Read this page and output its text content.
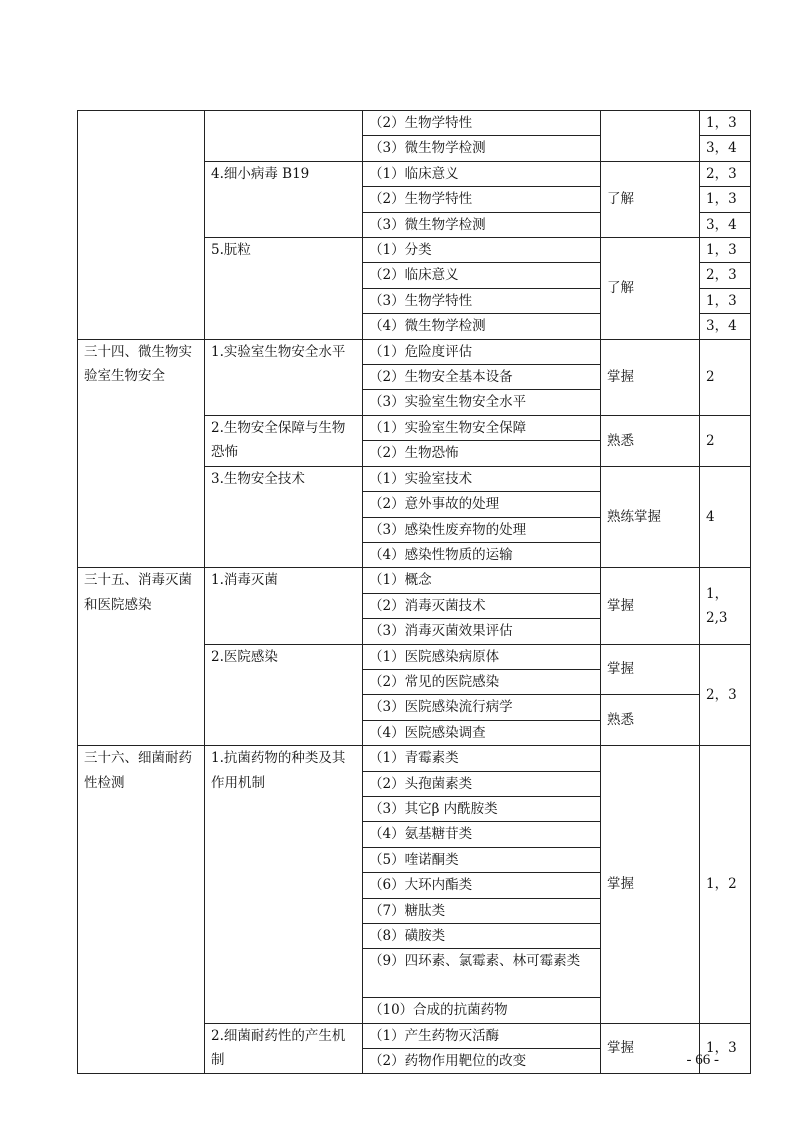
		（2）生物学特性		1，3
		（3）微生物学检测		3，4
	4.细小病毒 B19	（1）临床意义	了解	2，3
		（2）生物学特性		1，3
		（3）微生物学检测		3，4
	5.朊粒	（1）分类	了解	1，3
		（2）临床意义		2，3
		（3）生物学特性		1，3
		（4）微生物学检测		3，4
三十四、微生物实验室生物安全	1.实验室生物安全水平	（1）危险度评估	掌握	2
		（2）生物安全基本设备		
		（3）实验室生物安全水平		
	2.生物安全保障与生物恐怖	（1）实验室生物安全保障	熟悉	2
		（2）生物恐怖		
	3.生物安全技术	（1）实验室技术	熟练掌握	4
		（2）意外事故的处理		
		（3）感染性废弃物的处理		
		（4）感染性物质的运输		
三十五、消毒灭菌和医院感染	1.消毒灭菌	（1）概念	掌握	1，2,3
		（2）消毒灭菌技术		
		（3）消毒灭菌效果评估		
	2.医院感染	（1）医院感染病原体	掌握	2，3
		（2）常见的医院感染		
		（3）医院感染流行病学	熟悉	
		（4）医院感染调查		
三十六、细菌耐药性检测	1.抗菌药物的种类及其作用机制	（1）青霉素类	掌握	1，2
		（2）头孢菌素类		
		（3）其它β 内酰胺类		
		（4）氨基糖苷类		
		（5）喹诺酮类		
		（6）大环内酯类		
		（7）糖肽类		
		（8）磺胺类		
		（9）四环素、氯霉素、林可霉素类		
		（10）合成的抗菌药物		
	2.细菌耐药性的产生机制	（1）产生药物灭活酶	掌握	1，3
		（2）药物作用靶位的改变			- 66 -
